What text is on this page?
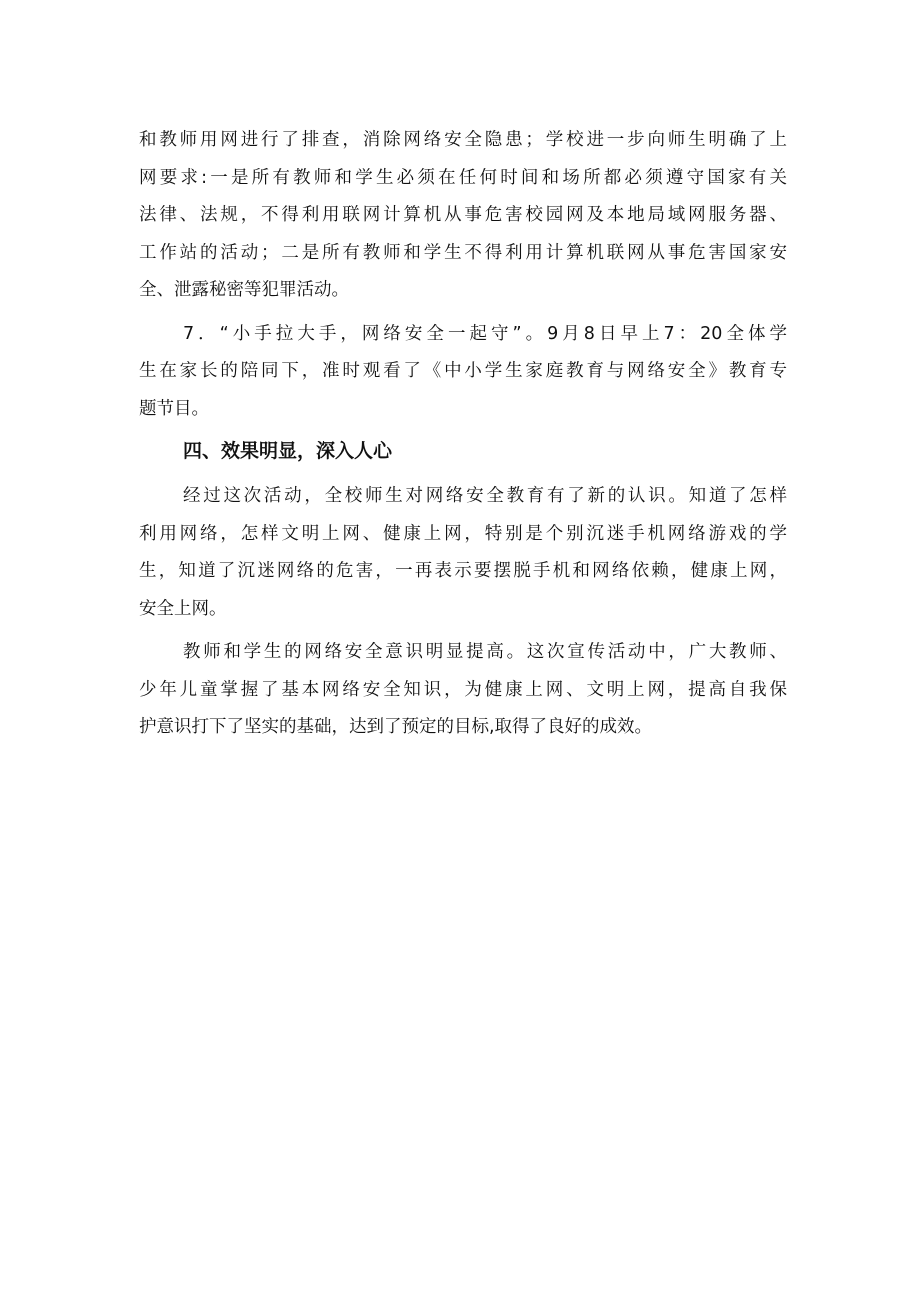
和教师用网进行了排查，消除网络安全隐患；学校进一步向师生明确了上
网要求:一是所有教师和学生必须在任何时间和场所都必须遵守国家有关
法律、法规，不得利用联网计算机从事危害校园网及本地局域网服务器、
工作站的活动；二是所有教师和学生不得利用计算机联网从事危害国家安
全、泄露秘密等犯罪活动。

7．“小手拉大手，网络安全一起守”。9月8日早上7：20全体学
生在家长的陪同下，准时观看了《中小学生家庭教育与网络安全》教育专
题节目。

四、效果明显，深入人心

经过这次活动，全校师生对网络安全教育有了新的认识。知道了怎样
利用网络，怎样文明上网、健康上网，特别是个别沉迷手机网络游戏的学
生，知道了沉迷网络的危害，一再表示要摆脱手机和网络依赖，健康上网，
安全上网。

教师和学生的网络安全意识明显提高。这次宣传活动中，广大教师、
少年儿童掌握了基本网络安全知识，为健康上网、文明上网，提高自我保
护意识打下了坚实的基础，达到了预定的目标,取得了良好的成效。
